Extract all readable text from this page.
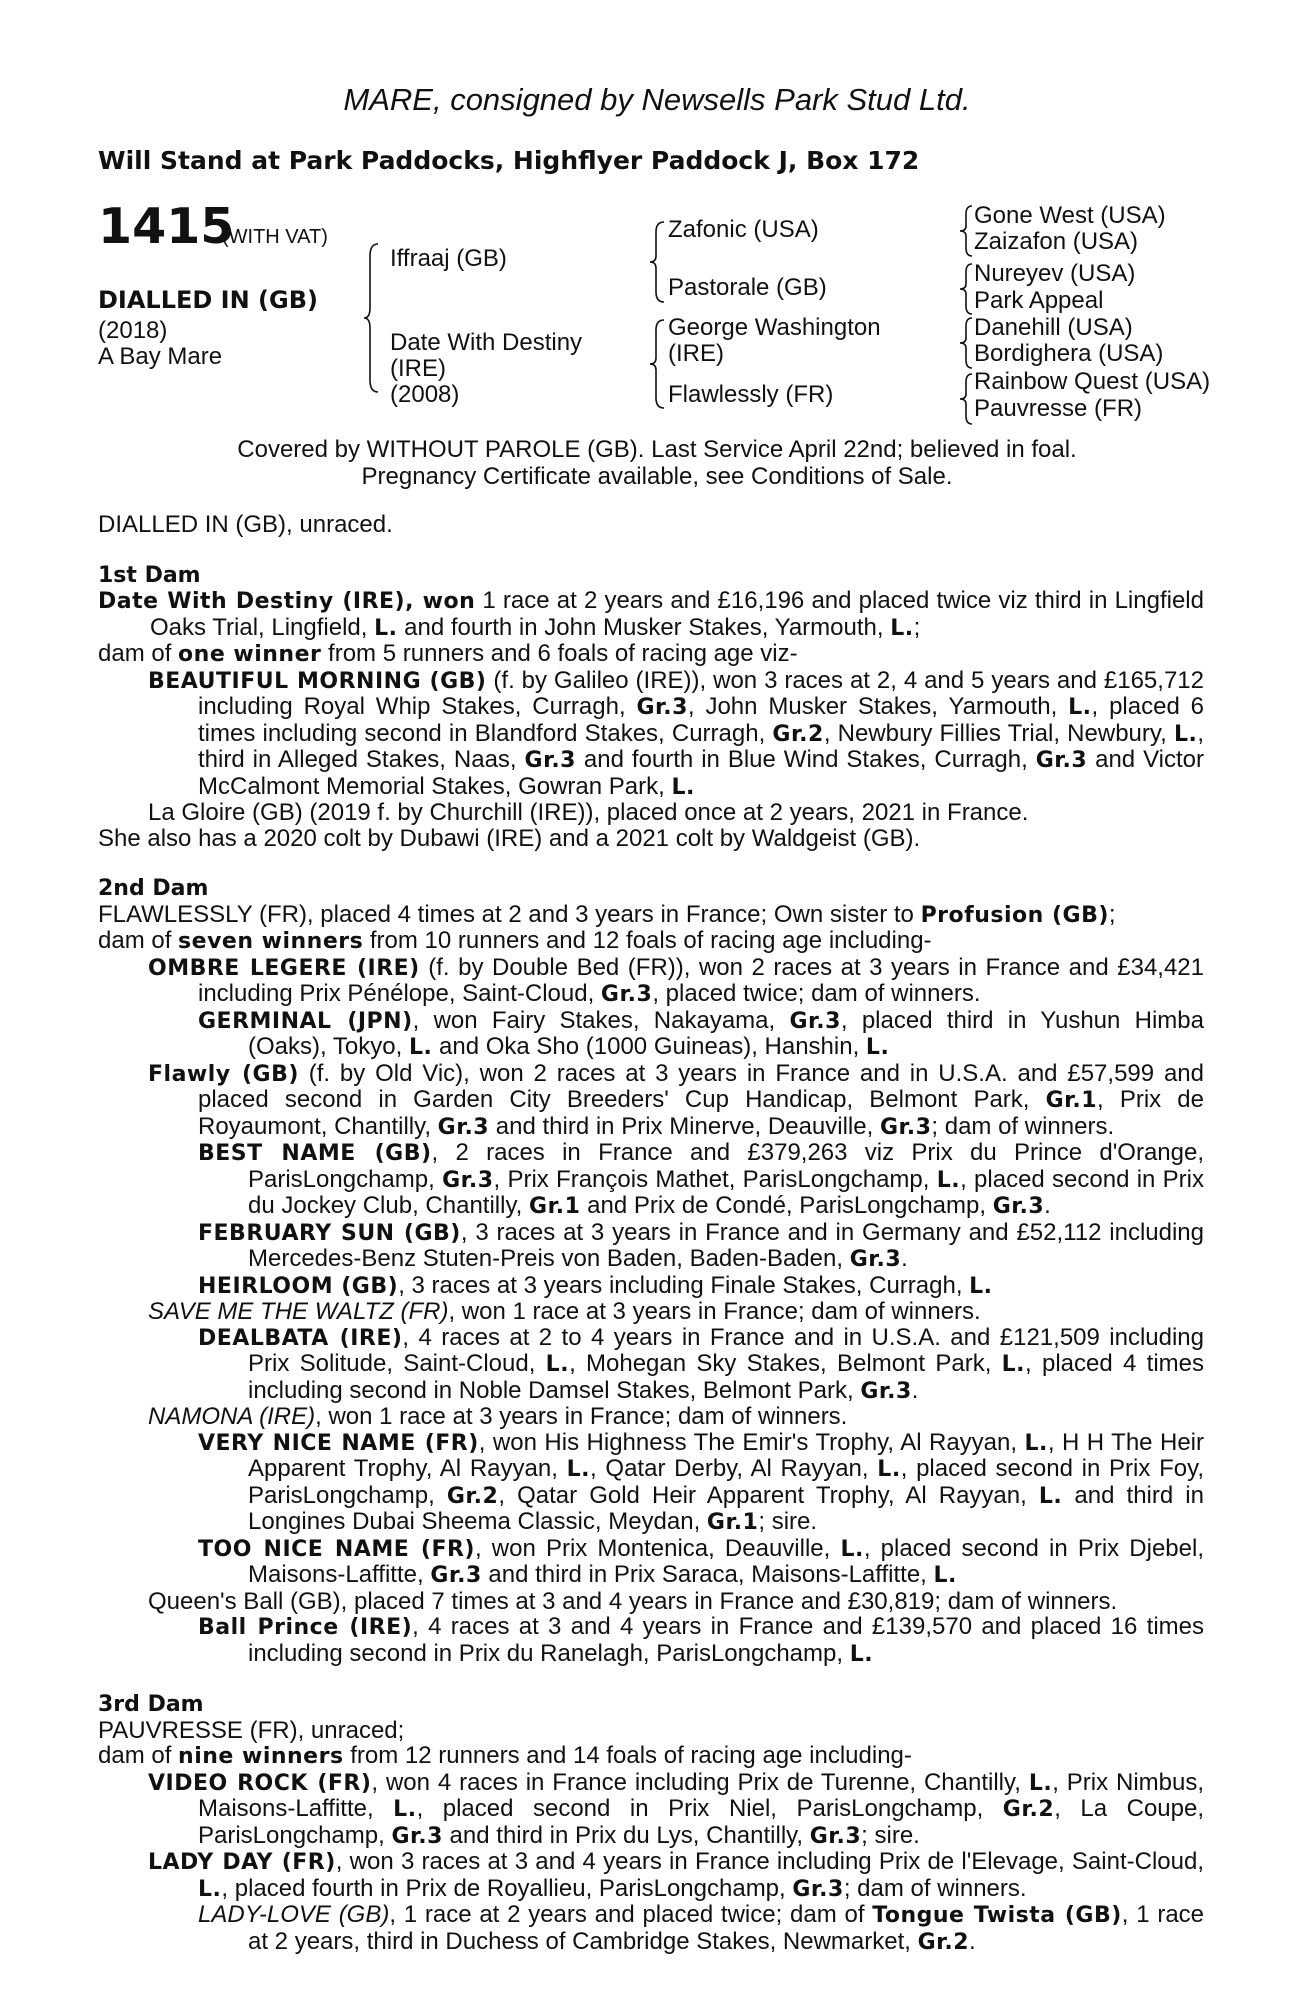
MARE, consigned by Newsells Park Stud Ltd.
Will Stand at Park Paddocks, Highflyer Paddock J, Box 172
1415
(WITH VAT)
DIALLED IN (GB)
(2018)
A Bay Mare
Iffraaj (GB)
Date With Destiny
(IRE)
(2008)
Zafonic (USA)
Pastorale (GB)
George Washington
(IRE)
Flawlessly (FR)
Gone West (USA)
Zaizafon (USA)
Nureyev (USA)
Park Appeal
Danehill (USA)
Bordighera (USA)
Rainbow Quest (USA)
Pauvresse (FR)
Covered by WITHOUT PAROLE (GB). Last Service April 22nd; believed in foal.
Pregnancy Certificate available, see Conditions of Sale.

DIALLED IN (GB), unraced.

1st Dam

Date With Destiny (IRE), won 1 race at 2 years and £16,196 and placed twice viz third in Lingfield Oaks Trial, Lingfield, L. and fourth in John Musker Stakes, Yarmouth, L.;

dam of one winner from 5 runners and 6 foals of racing age viz-

BEAUTIFUL MORNING (GB) (f. by Galileo (IRE)), won 3 races at 2, 4 and 5 years and £165,712 including Royal Whip Stakes, Curragh, Gr.3, John Musker Stakes, Yarmouth, L., placed 6 times including second in Blandford Stakes, Curragh, Gr.2, Newbury Fillies Trial, Newbury, L., third in Alleged Stakes, Naas, Gr.3 and fourth in Blue Wind Stakes, Curragh, Gr.3 and Victor McCalmont Memorial Stakes, Gowran Park, L.

La Gloire (GB) (2019 f. by Churchill (IRE)), placed once at 2 years, 2021 in France.

She also has a 2020 colt by Dubawi (IRE) and a 2021 colt by Waldgeist (GB).

2nd Dam

FLAWLESSLY (FR), placed 4 times at 2 and 3 years in France; Own sister to Profusion (GB);

dam of seven winners from 10 runners and 12 foals of racing age including-

OMBRE LEGERE (IRE) (f. by Double Bed (FR)), won 2 races at 3 years in France and £34,421 including Prix Pénélope, Saint-Cloud, Gr.3, placed twice; dam of winners.

GERMINAL (JPN), won Fairy Stakes, Nakayama, Gr.3, placed third in Yushun Himba (Oaks), Tokyo, L. and Oka Sho (1000 Guineas), Hanshin, L.

Flawly (GB) (f. by Old Vic), won 2 races at 3 years in France and in U.S.A. and £57,599 and placed second in Garden City Breeders' Cup Handicap, Belmont Park, Gr.1, Prix de Royaumont, Chantilly, Gr.3 and third in Prix Minerve, Deauville, Gr.3; dam of winners.

BEST NAME (GB), 2 races in France and £379,263 viz Prix du Prince d'Orange, ParisLongchamp, Gr.3, Prix François Mathet, ParisLongchamp, L., placed second in Prix du Jockey Club, Chantilly, Gr.1 and Prix de Condé, ParisLongchamp, Gr.3.

FEBRUARY SUN (GB), 3 races at 3 years in France and in Germany and £52,112 including Mercedes-Benz Stuten-Preis von Baden, Baden-Baden, Gr.3.

HEIRLOOM (GB), 3 races at 3 years including Finale Stakes, Curragh, L.

SAVE ME THE WALTZ (FR), won 1 race at 3 years in France; dam of winners.

DEALBATA (IRE), 4 races at 2 to 4 years in France and in U.S.A. and £121,509 including Prix Solitude, Saint-Cloud, L., Mohegan Sky Stakes, Belmont Park, L., placed 4 times including second in Noble Damsel Stakes, Belmont Park, Gr.3.

NAMONA (IRE), won 1 race at 3 years in France; dam of winners.

VERY NICE NAME (FR), won His Highness The Emir's Trophy, Al Rayyan, L., H H The Heir Apparent Trophy, Al Rayyan, L., Qatar Derby, Al Rayyan, L., placed second in Prix Foy, ParisLongchamp, Gr.2, Qatar Gold Heir Apparent Trophy, Al Rayyan, L. and third in Longines Dubai Sheema Classic, Meydan, Gr.1; sire.

TOO NICE NAME (FR), won Prix Montenica, Deauville, L., placed second in Prix Djebel, Maisons-Laffitte, Gr.3 and third in Prix Saraca, Maisons-Laffitte, L.

Queen's Ball (GB), placed 7 times at 3 and 4 years in France and £30,819; dam of winners.

Ball Prince (IRE), 4 races at 3 and 4 years in France and £139,570 and placed 16 times including second in Prix du Ranelagh, ParisLongchamp, L.

3rd Dam

PAUVRESSE (FR), unraced;

dam of nine winners from 12 runners and 14 foals of racing age including-

VIDEO ROCK (FR), won 4 races in France including Prix de Turenne, Chantilly, L., Prix Nimbus, Maisons-Laffitte, L., placed second in Prix Niel, ParisLongchamp, Gr.2, La Coupe, ParisLongchamp, Gr.3 and third in Prix du Lys, Chantilly, Gr.3; sire.

LADY DAY (FR), won 3 races at 3 and 4 years in France including Prix de l'Elevage, Saint-Cloud, L., placed fourth in Prix de Royallieu, ParisLongchamp, Gr.3; dam of winners.

LADY-LOVE (GB), 1 race at 2 years and placed twice; dam of Tongue Twista (GB), 1 race at 2 years, third in Duchess of Cambridge Stakes, Newmarket, Gr.2.
